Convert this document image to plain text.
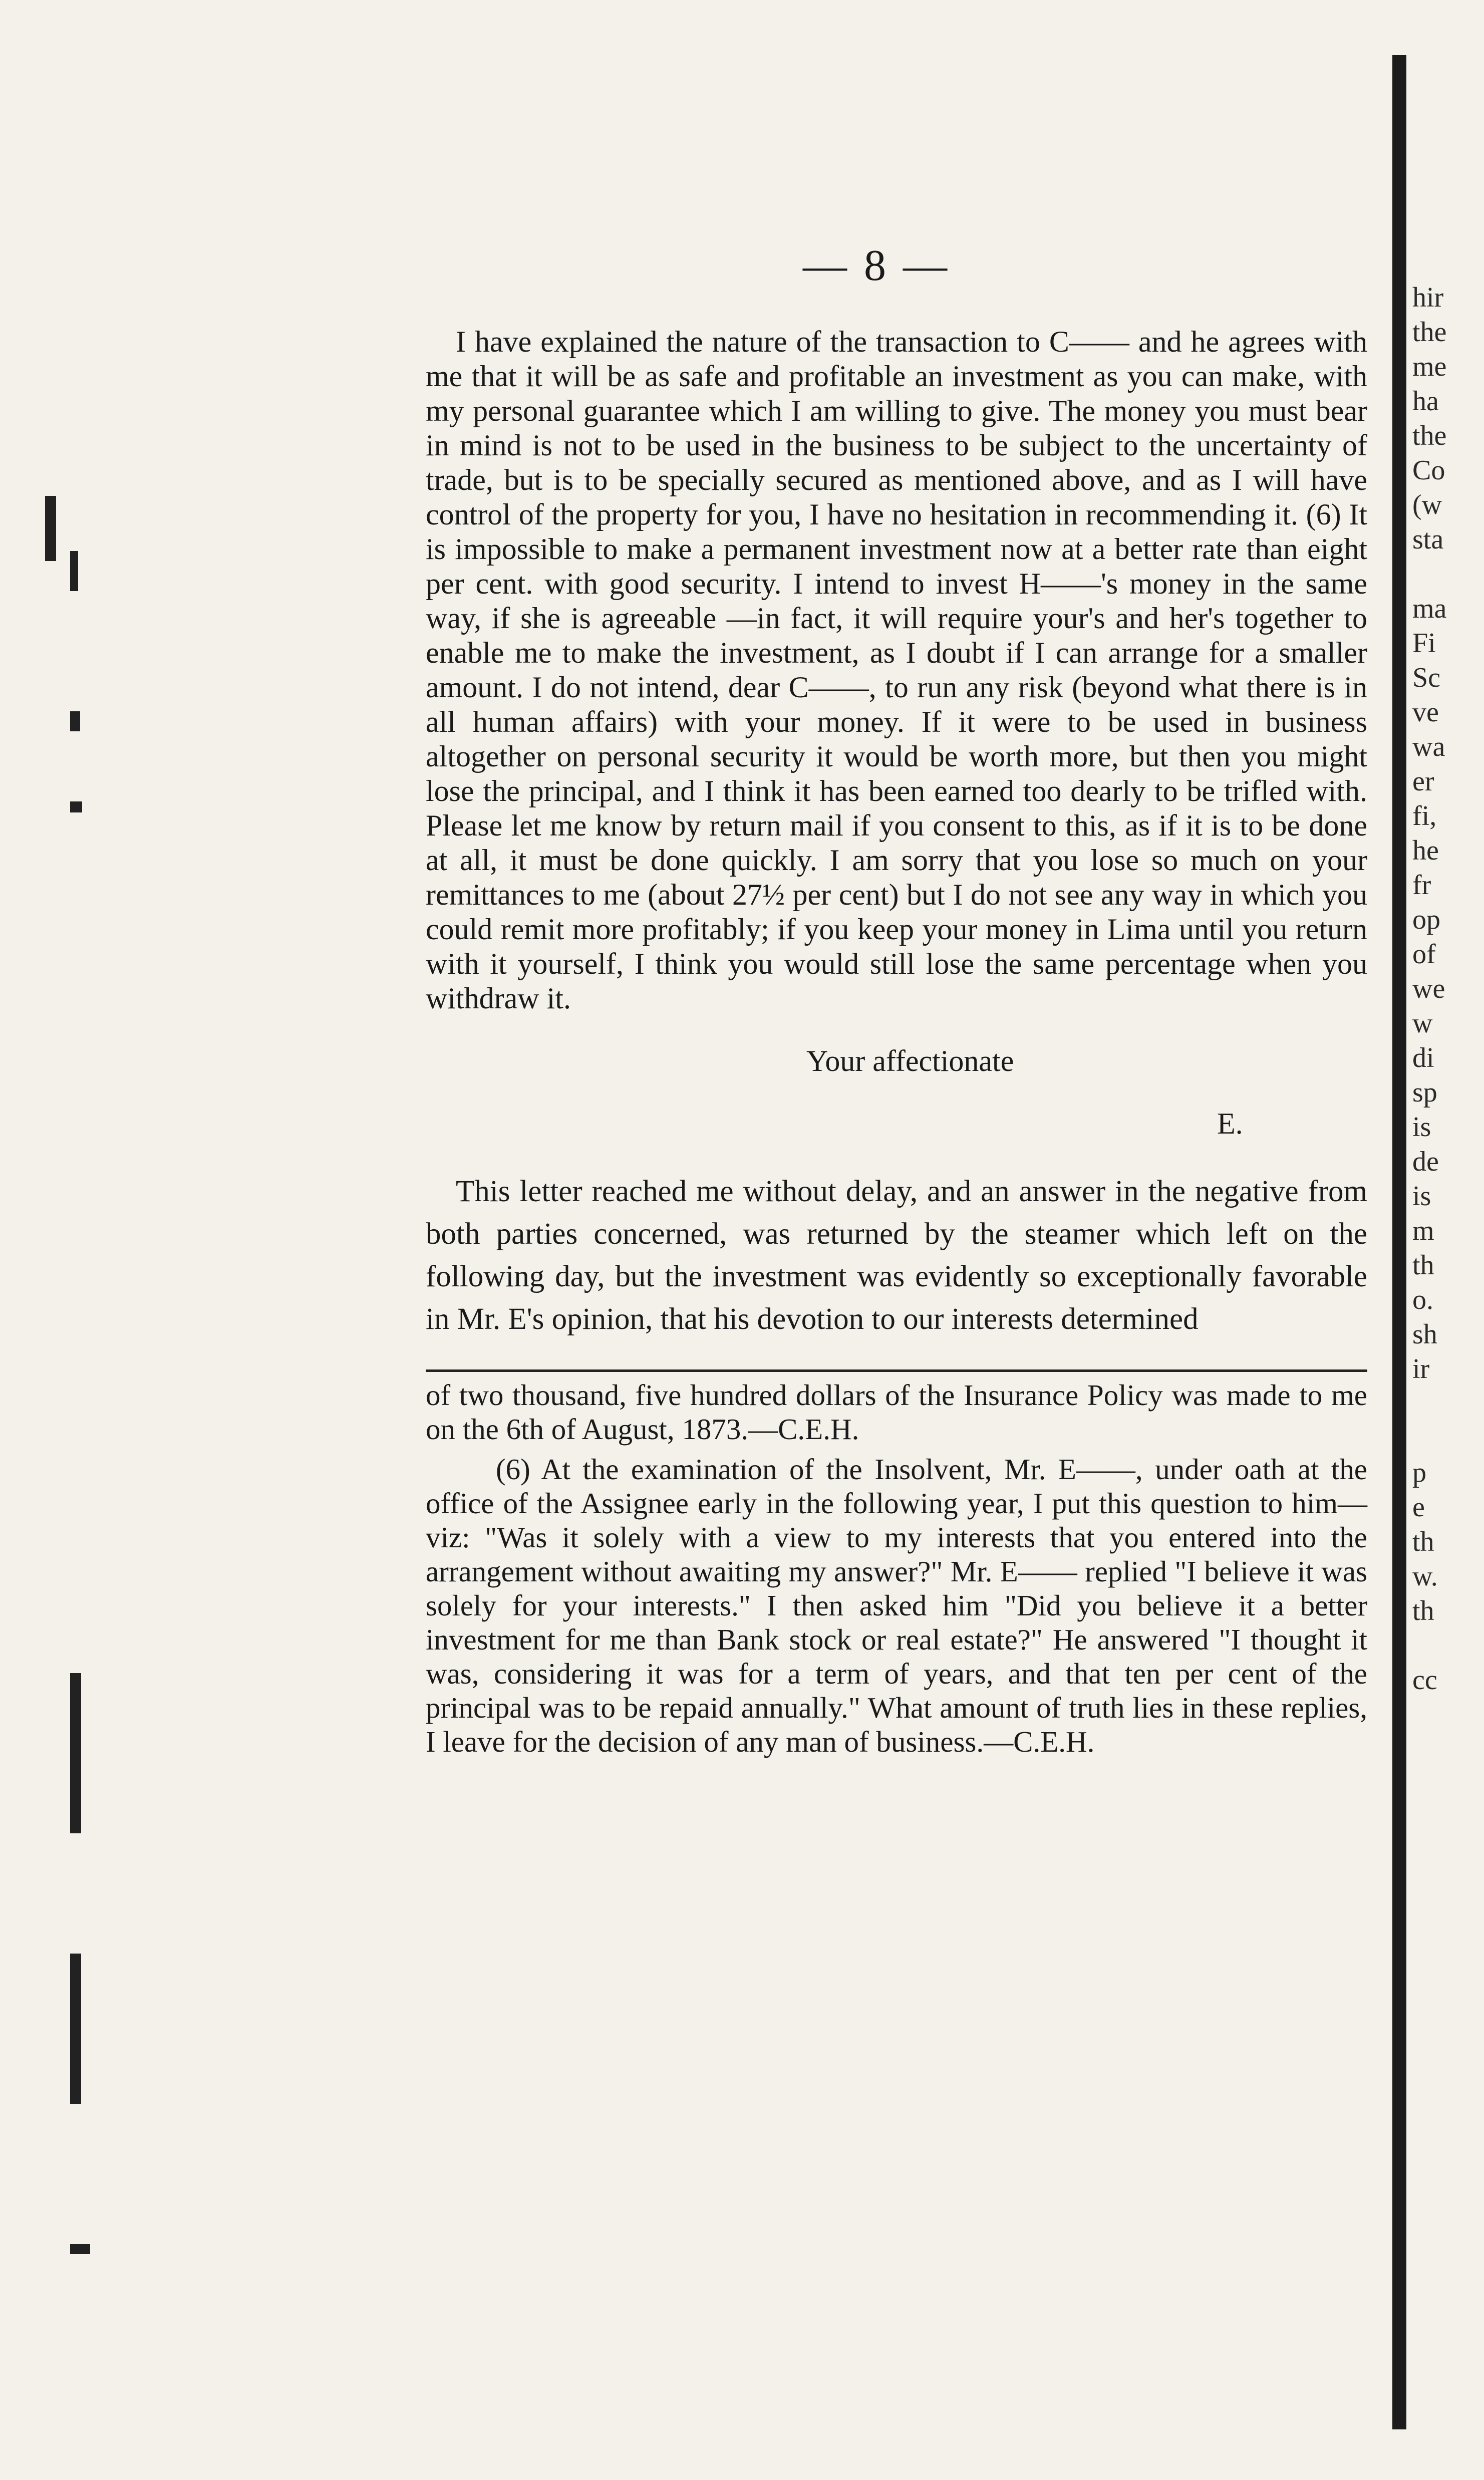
— 8 —

I have explained the nature of the transaction to C—— and he agrees with me that it will be as safe and profitable an investment as you can make, with my personal guarantee which I am willing to give. The money you must bear in mind is not to be used in the business to be subject to the uncertainty of trade, but is to be specially secured as mentioned above, and as I will have control of the property for you, I have no hesitation in recommending it. (6) It is impossible to make a permanent investment now at a better rate than eight per cent. with good security. I intend to invest H——'s money in the same way, if she is agreeable —in fact, it will require your's and her's together to enable me to make the investment, as I doubt if I can arrange for a smaller amount. I do not intend, dear C——, to run any risk (beyond what there is in all human affairs) with your money. If it were to be used in business altogether on personal security it would be worth more, but then you might lose the principal, and I think it has been earned too dearly to be trifled with. Please let me know by return mail if you consent to this, as if it is to be done at all, it must be done quickly. I am sorry that you lose so much on your remittances to me (about 27½ per cent) but I do not see any way in which you could remit more profitably; if you keep your money in Lima until you return with it yourself, I think you would still lose the same percentage when you withdraw it.

Your affectionate
E.

This letter reached me without delay, and an answer in the negative from both parties concerned, was returned by the steamer which left on the following day, but the investment was evidently so exceptionally favorable in Mr. E's opinion, that his devotion to our interests determined

of two thousand, five hundred dollars of the Insurance Policy was made to me on the 6th of August, 1873.—C.E.H.

(6) At the examination of the Insolvent, Mr. E——, under oath at the office of the Assignee early in the following year, I put this question to him—viz: "Was it solely with a view to my interests that you entered into the arrangement without awaiting my answer?" Mr. E—— replied "I believe it was solely for your interests." I then asked him "Did you believe it a better investment for me than Bank stock or real estate?" He answered "I thought it was, considering it was for a term of years, and that ten per cent of the principal was to be repaid annually." What amount of truth lies in these replies, I leave for the decision of any man of business.—C.E.H.

hir
the
me
ha
the
Co
(w
sta
ma
Fi
Sc
ve
wa
er
fi,
he
fr
op
of
we
w
di
sp
is
de
is
m
th
o.
sh
ir
p
e
th
w.
th
cc
